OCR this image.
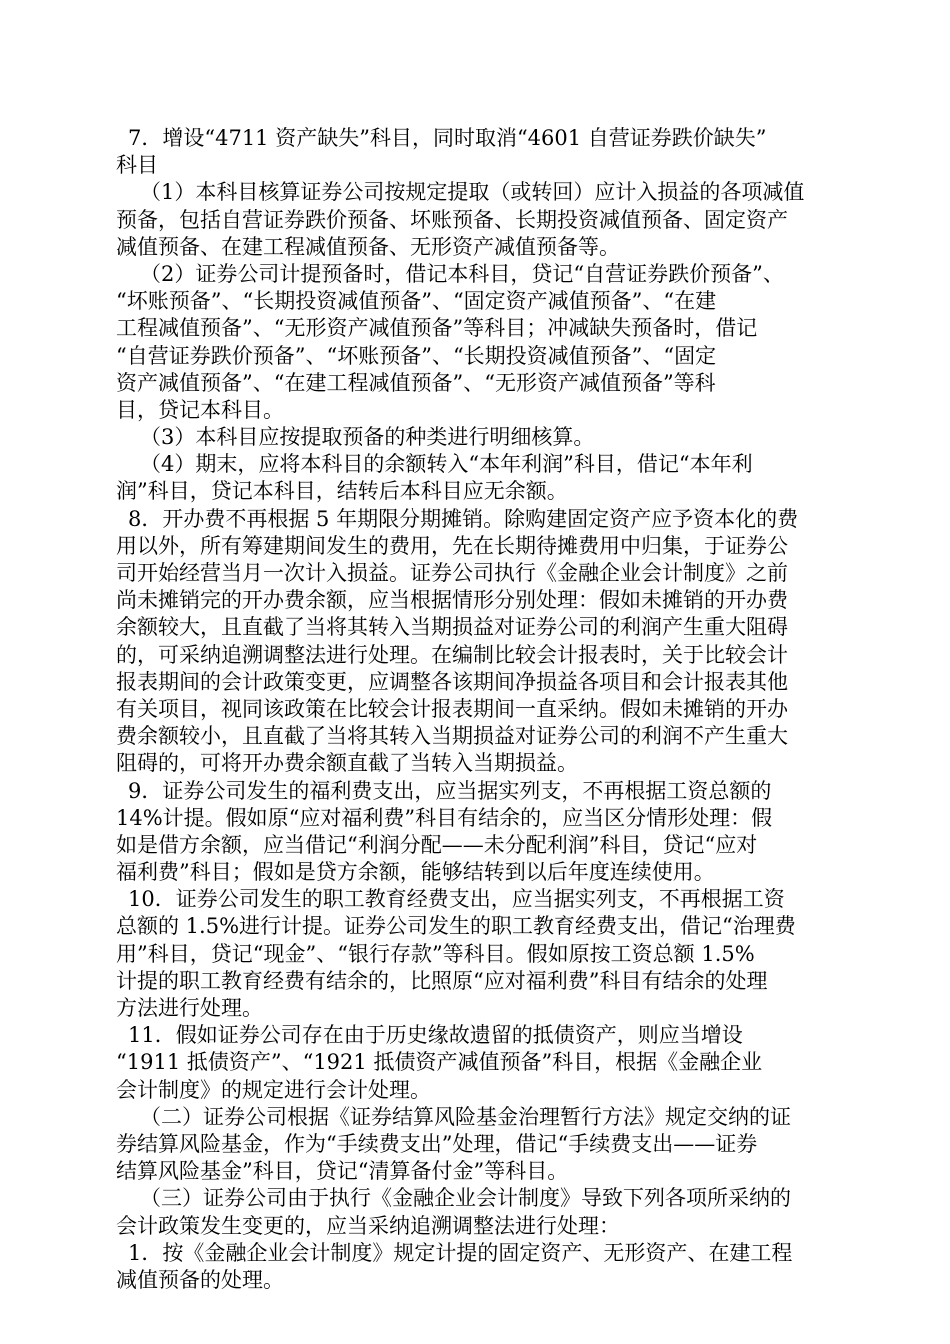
7．增设“4711 资产缺失”科目，同时取消“4601 自营证券跌价缺失”
科目
（1）本科目核算证券公司按规定提取（或转回）应计入损益的各项减值
预备，包括自营证券跌价预备、坏账预备、长期投资减值预备、固定资产
减值预备、在建工程减值预备、无形资产减值预备等。
（2）证券公司计提预备时，借记本科目，贷记“自营证券跌价预备”、
“坏账预备”、“长期投资减值预备”、“固定资产减值预备”、“在建
工程减值预备”、“无形资产减值预备”等科目；冲减缺失预备时，借记
“自营证券跌价预备”、“坏账预备”、“长期投资减值预备”、“固定
资产减值预备”、“在建工程减值预备”、“无形资产减值预备”等科
目，贷记本科目。
（3）本科目应按提取预备的种类进行明细核算。
（4）期末，应将本科目的余额转入“本年利润”科目，借记“本年利
润”科目，贷记本科目，结转后本科目应无余额。
8．开办费不再根据 5 年期限分期摊销。除购建固定资产应予资本化的费
用以外，所有筹建期间发生的费用，先在长期待摊费用中归集，于证券公
司开始经营当月一次计入损益。证券公司执行《金融企业会计制度》之前
尚未摊销完的开办费余额，应当根据情形分别处理：假如未摊销的开办费
余额较大，且直截了当将其转入当期损益对证券公司的利润产生重大阻碍
的，可采纳追溯调整法进行处理。在编制比较会计报表时，关于比较会计
报表期间的会计政策变更，应调整各该期间净损益各项目和会计报表其他
有关项目，视同该政策在比较会计报表期间一直采纳。假如未摊销的开办
费余额较小，且直截了当将其转入当期损益对证券公司的利润不产生重大
阻碍的，可将开办费余额直截了当转入当期损益。
9．证券公司发生的福利费支出，应当据实列支，不再根据工资总额的
14%计提。假如原“应对福利费”科目有结余的，应当区分情形处理：假
如是借方余额，应当借记“利润分配——未分配利润”科目，贷记“应对
福利费”科目；假如是贷方余额，能够结转到以后年度连续使用。
10．证券公司发生的职工教育经费支出，应当据实列支，不再根据工资
总额的 1.5%进行计提。证券公司发生的职工教育经费支出，借记“治理费
用”科目，贷记“现金”、“银行存款”等科目。假如原按工资总额 1.5%
计提的职工教育经费有结余的，比照原“应对福利费”科目有结余的处理
方法进行处理。
11．假如证券公司存在由于历史缘故遗留的抵债资产，则应当增设
“1911 抵债资产”、“1921 抵债资产减值预备”科目，根据《金融企业
会计制度》的规定进行会计处理。
（二）证券公司根据《证券结算风险基金治理暂行方法》规定交纳的证
券结算风险基金，作为“手续费支出”处理，借记“手续费支出——证券
结算风险基金”科目，贷记“清算备付金”等科目。
（三）证券公司由于执行《金融企业会计制度》导致下列各项所采纳的
会计政策发生变更的，应当采纳追溯调整法进行处理：
1．按《金融企业会计制度》规定计提的固定资产、无形资产、在建工程
减值预备的处理。
